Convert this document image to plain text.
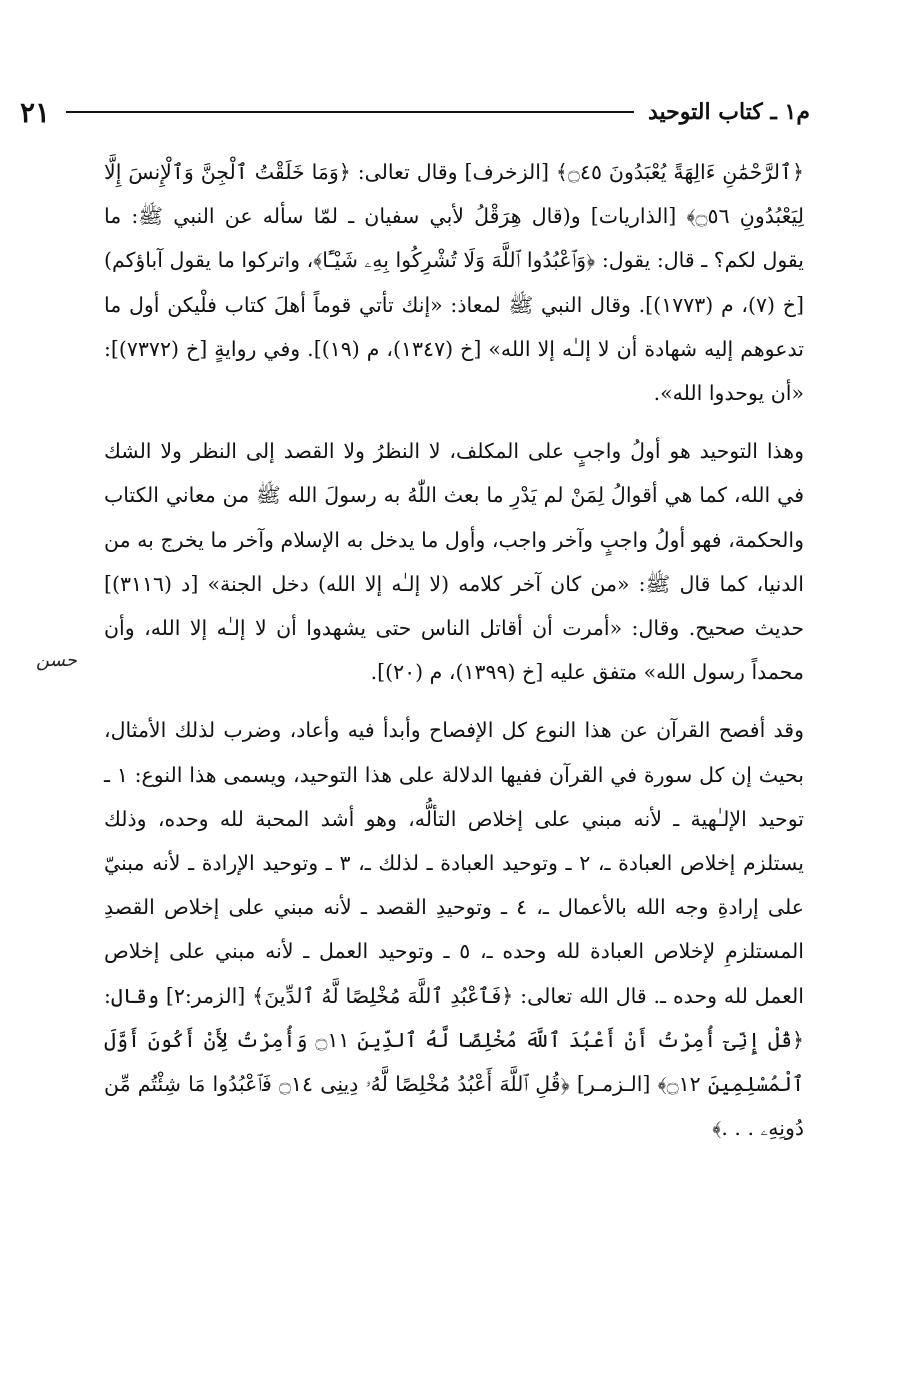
م١ ـ كتاب التوحيد
٢١
حسن

﴿ٱلرَّحْمَٰنِ ءَالِهَةً يُعْبَدُونَ ۝٤٥﴾ [الزخرف] وقال تعالى: ﴿وَمَا خَلَقْتُ ٱلْجِنَّ وَٱلْإِنسَ إِلَّا لِيَعْبُدُونِ ۝٥٦﴾ [الذاريات] و(قال هِرَقْلُ لأبي سفيان ـ لمّا سأله عن النبي ﷺ: ما يقول لكم؟ ـ قال: يقول: ﴿وَٱعْبُدُوا ٱللَّهَ وَلَا تُشْرِكُوا بِهِۦ شَيْـًٔا﴾، واتركوا ما يقول آباؤكم) [خ (٧)، م (١٧٧٣)]. وقال النبي ﷺ لمعاذ: «إنك تأتي قوماً أهلَ كتاب فلْيكن أول ما تدعوهم إليه شهادة أن لا إلـٰه إلا الله» [خ (١٣٤٧)، م (١٩)]. وفي روايةٍ [خ (٧٣٧٢)]: «أن يوحدوا الله».

وهذا التوحيد هو أولُ واجبٍ على المكلف، لا النظرُ ولا القصد إلى النظر ولا الشك في الله، كما هي أقوالُ لِمَنْ لم يَدْرِ ما بعث اللّٰهُ به رسولَ الله ﷺ من معاني الكتاب والحكمة، فهو أولُ واجبٍ وآخر واجب، وأول ما يدخل به الإسلام وآخر ما يخرج به من الدنيا، كما قال ﷺ: «من كان آخر كلامه (لا إلـٰه إلا الله) دخل الجنة» [د (٣١١٦)] حديث صحيح. وقال: «أمرت أن أقاتل الناس حتى يشهدوا أن لا إلـٰه إلا الله، وأن محمداً رسول الله» متفق عليه [خ (١٣٩٩)، م (٢٠)].

وقد أفصح القرآن عن هذا النوع كل الإفصاح وأبدأ فيه وأعاد، وضرب لذلك الأمثال، بحيث إن كل سورة في القرآن ففيها الدلالة على هذا التوحيد، ويسمى هذا النوع: ١ ـ توحيد الإلـٰهية ـ لأنه مبني على إخلاص التألُّه، وهو أشد المحبة لله وحده، وذلك يستلزم إخلاص العبادة ـ، ٢ ـ وتوحيد العبادة ـ لذلك ـ، ٣ ـ وتوحيد الإرادة ـ لأنه مبنيّ على إرادةِ وجه الله بالأعمال ـ، ٤ ـ وتوحيدِ القصد ـ لأنه مبني على إخلاص القصدِ المستلزمِ لإخلاص العبادة لله وحده ـ، ٥ ـ وتوحيد العمل ـ لأنه مبني على إخلاص العمل لله وحده ـ. قال الله تعالى: ﴿فَٱعْبُدِ ٱللَّهَ مُخْلِصًا لَّهُ ٱلدِّينَ﴾ [الزمر:٢] وقال: ﴿قُلْ إِنِّىٓ أُمِرْتُ أَنْ أَعْبُدَ ٱللَّهَ مُخْلِصًا لَّهُ ٱلدِّينَ ۝١١ وَأُمِرْتُ لِأَنْ أَكُونَ أَوَّلَ ٱلْمُسْلِمِينَ ۝١٢﴾ [الـزمـر] ﴿قُلِ ٱللَّهَ أَعْبُدُ مُخْلِصًا لَّهُۥ دِينِى ۝١٤ فَٱعْبُدُوا مَا شِئْتُم مِّن دُونِهِۦ . . .﴾
